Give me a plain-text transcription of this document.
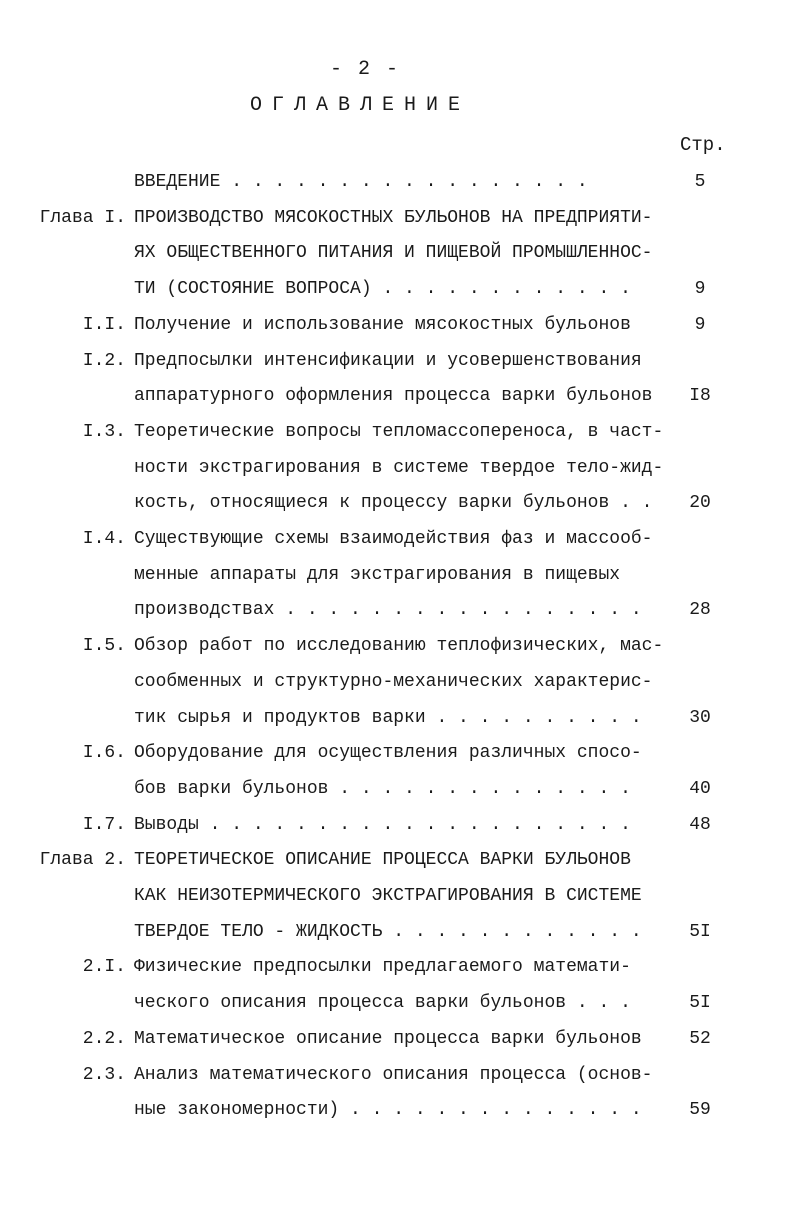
- 2 -
ОГЛАВЛЕНИЕ
Стр.
ВВЕДЕНИЕ . . . . . . . . . . . . . . . . .	5
Глава I. ПРОИЗВОДСТВО МЯСОКОСТНЫХ БУЛЬОНОВ НА ПРЕДПРИЯТИ-
ЯХ ОБЩЕСТВЕННОГО ПИТАНИЯ И ПИЩЕВОЙ ПРОМЫШЛЕННОС-
ТИ (СОСТОЯНИЕ ВОПРОСА) . . . . . . . . . . . .	9
I.I. Получение и использование мясокостных бульонов	9
I.2. Предпосылки интенсификации и усовершенствования
аппаратурного оформления процесса варки бульонов	I8
I.3. Теоретические вопросы тепломассопереноса, в част-
ности экстрагирования в системе твердое тело-жид-
кость, относящиеся к процессу варки бульонов . .	20
I.4. Существующие схемы взаимодействия фаз и массооб-
менные аппараты для экстрагирования в пищевых
производствах . . . . . . . . . . . . . . . . .	28
I.5. Обзор работ по исследованию теплофизических, мас-
сообменных и структурно-механических характерис-
тик сырья и продуктов варки . . . . . . . . . .	30
I.6. Оборудование для осуществления различных спосо-
бов варки бульонов . . . . . . . . . . . . . .	40
I.7. Выводы . . . . . . . . . . . . . . . . . . . .	48
Глава 2. ТЕОРЕТИЧЕСКОЕ ОПИСАНИЕ ПРОЦЕССА ВАРКИ БУЛЬОНОВ
КАК НЕИЗОТЕРМИЧЕСКОГО ЭКСТРАГИРОВАНИЯ В СИСТЕМЕ
ТВЕРДОЕ ТЕЛО - ЖИДКОСТЬ . . . . . . . . . . . .	5I
2.I. Физические предпосылки предлагаемого математи-
ческого описания процесса варки бульонов . . .	5I
2.2. Математическое описание процесса варки бульонов	52
2.3. Анализ математического описания процесса (основ-
ные закономерности) . . . . . . . . . . . . . .	59
